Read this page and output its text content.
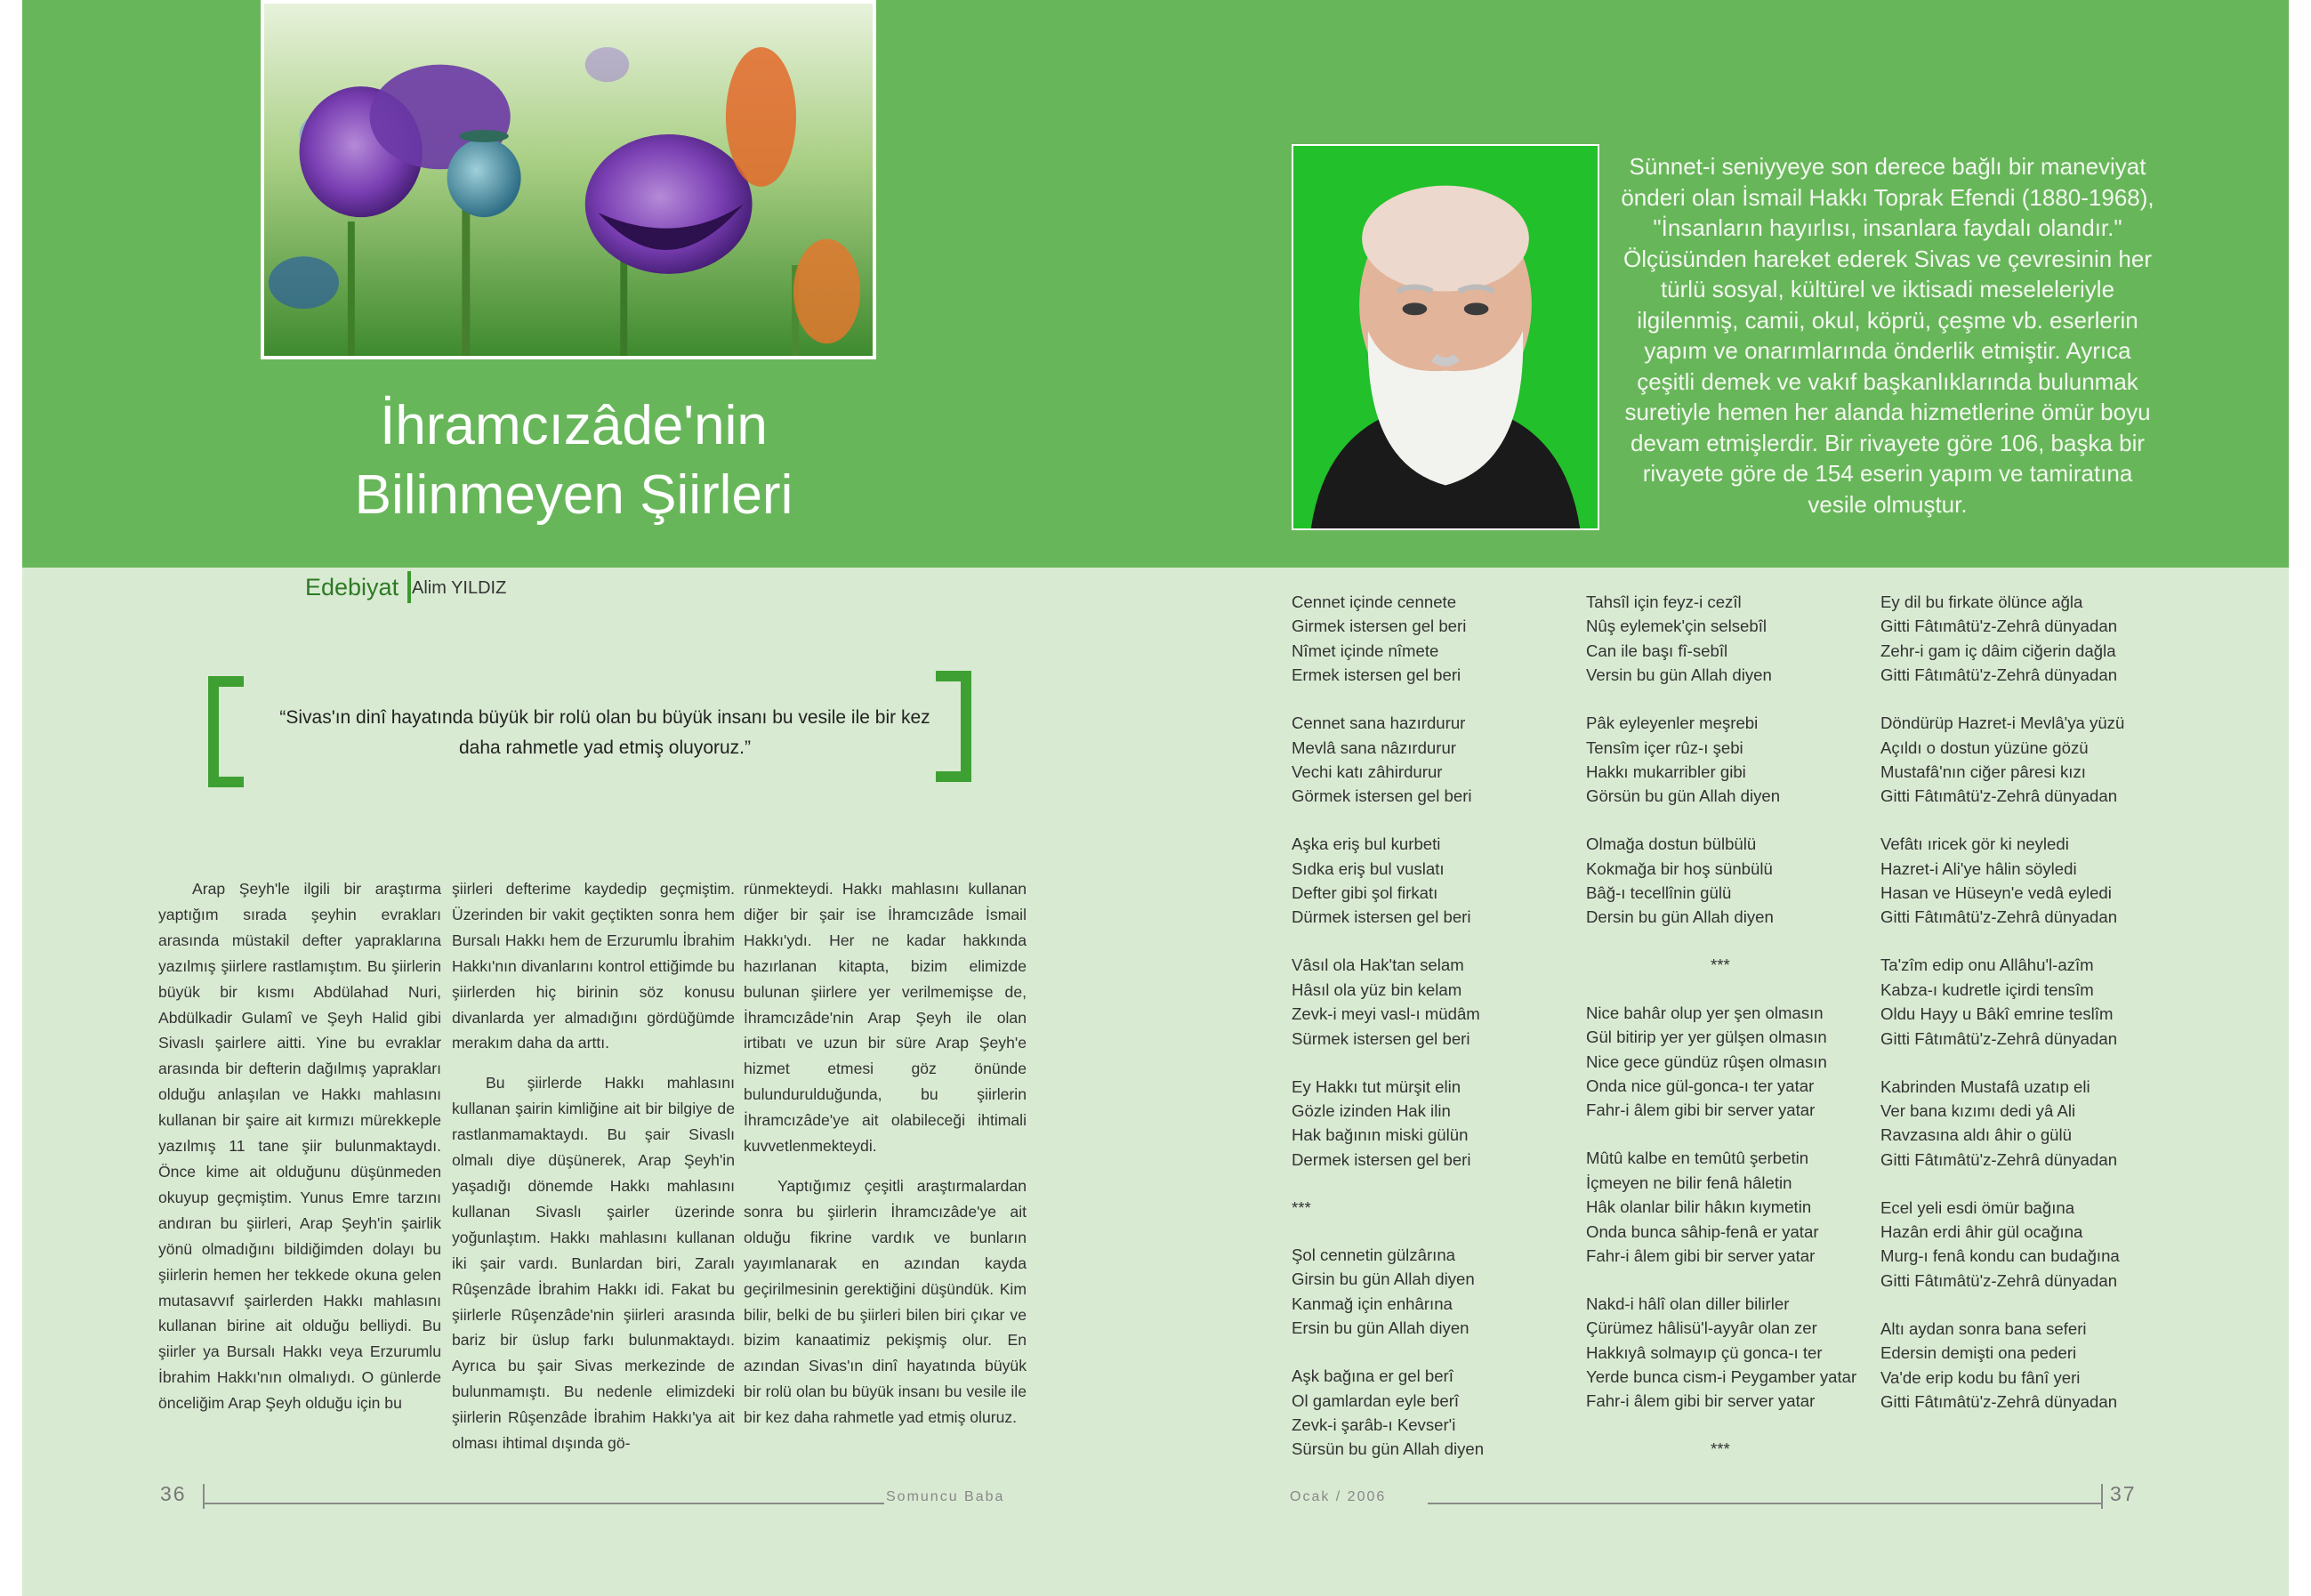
İhramcızâde'nin
Bilinmeyen Şiirleri
Sünnet-i seniyyeye son derece bağlı bir maneviyat önderi olan İsmail Hakkı Toprak Efendi (1880-1968), "İnsanların hayırlısı, insanlara faydalı olandır." Ölçüsünden hareket ederek Sivas ve çevresinin her türlü sosyal, kültürel ve iktisadi meseleleriyle ilgilenmiş, camii, okul, köprü, çeşme vb. eserlerin yapım ve onarımlarında önderlik etmiştir. Ayrıca çeşitli demek ve vakıf başkanlıklarında bulunmak suretiyle hemen her alanda hizmetlerine ömür boyu devam etmişlerdir. Bir rivayete göre 106, başka bir rivayete göre de 154 eserin yapım ve tamiratına vesile olmuştur.
Edebiyat Alim YILDIZ
“Sivas'ın dinî hayatında büyük bir rolü olan bu büyük insanı bu vesile ile bir kez daha rahmetle yad etmiş oluyoruz.”

Arap Şeyh'le ilgili bir araştırma yaptığım sırada şeyhin evrakları arasında müstakil defter yapraklarına yazılmış şiirlere rastlamıştım. Bu şiirlerin büyük bir kısmı Abdülahad Nuri, Abdülkadir Gulamî ve Şeyh Halid gibi Sivaslı şairlere aitti. Yine bu evraklar arasında bir defterin dağılmış yaprakları olduğu anlaşılan ve Hakkı mahlasını kullanan bir şaire ait kırmızı mürekkeple yazılmış 11 tane şiir bulunmaktaydı. Önce kime ait olduğunu düşünmeden okuyup geçmiştim. Yunus Emre tarzını andıran bu şiirleri, Arap Şeyh'in şairlik yönü olmadığını bildiğimden dolayı bu şiirlerin hemen her tekkede okuna gelen mutasavvıf şairlerden Hakkı mahlasını kullanan birine ait olduğu belliydi. Bu şiirler ya Bursalı Hakkı veya Erzurumlu İbrahim Hakkı'nın olmalıydı. O günlerde önceliğim Arap Şeyh olduğu için bu

şiirleri defterime kaydedip geçmiştim. Üzerinden bir vakit geçtikten sonra hem Bursalı Hakkı hem de Erzurumlu İbrahim Hakkı'nın divanlarını kontrol ettiğimde bu şiirlerden hiç birinin söz konusu divanlarda yer almadığını gördüğümde merakım daha da arttı.

Bu şiirlerde Hakkı mahlasını kullanan şairin kimliğine ait bir bilgiye de rastlanmamaktaydı. Bu şair Sivaslı olmalı diye düşünerek, Arap Şeyh'in yaşadığı dönemde Hakkı mahlasını kullanan Sivaslı şairler üzerinde yoğunlaştım. Hakkı mahlasını kullanan iki şair vardı. Bunlardan biri, Zaralı Rûşenzâde İbrahim Hakkı idi. Fakat bu şiirlerle Rûşenzâde'nin şiirleri arasında bariz bir üslup farkı bulunmaktaydı. Ayrıca bu şair Sivas merkezinde de bulunmamıştı. Bu nedenle elimizdeki şiirlerin Rûşenzâde İbrahim Hakkı'ya ait olması ihtimal dışında gö-

rünmekteydi. Hakkı mahlasını kullanan diğer bir şair ise İhramcızâde İsmail Hakkı'ydı. Her ne kadar hakkında hazırlanan kitapta, bizim elimizde bulunan şiirlere yer verilmemişse de, İhramcızâde'nin Arap Şeyh ile olan irtibatı ve uzun bir süre Arap Şeyh'e hizmet etmesi göz önünde bulundurulduğunda, bu şiirlerin İhramcızâde'ye ait olabileceği ihtimali kuvvetlenmekteydi.

Yaptığımız çeşitli araştırmalardan sonra bu şiirlerin İhramcızâde'ye ait olduğu fikrine vardık ve bunların yayımlanarak en azından kayda geçirilmesinin gerektiğini düşündük. Kim bilir, belki de bu şiirleri bilen biri çıkar ve bizim kanaatimiz pekişmiş olur. En azından Sivas'ın dinî hayatında büyük bir rolü olan bu büyük insanı bu vesile ile bir kez daha rahmetle yad etmiş oluruz.

Cennet içinde cennete
Girmek istersen gel beri
Nîmet içinde nîmete
Ermek istersen gel beri
Cennet sana hazırdurur
Mevlâ sana nâzırdurur
Vechi katı zâhirdurur
Görmek istersen gel beri
Aşka eriş bul kurbeti
Sıdka eriş bul vuslatı
Defter gibi şol firkatı
Dürmek istersen gel beri
Vâsıl ola Hak'tan selam
Hâsıl ola yüz bin kelam
Zevk-i meyi vasl-ı müdâm
Sürmek istersen gel beri
Ey Hakkı tut mürşit elin
Gözle izinden Hak ilin
Hak bağının miski gülün
Dermek istersen gel beri
***
Şol cennetin gülzârına
Girsin bu gün Allah diyen
Kanmağ için enhârına
Ersin bu gün Allah diyen
Aşk bağına er gel berî
Ol gamlardan eyle berî
Zevk-i şarâb-ı Kevser'i
Sürsün bu gün Allah diyen
Tahsîl için feyz-i cezîl
Nûş eylemek'çin selsebîl
Can ile başı fî-sebîl
Versin bu gün Allah diyen
Pâk eyleyenler meşrebi
Tensîm içer rûz-ı şebi
Hakkı mukarribler gibi
Görsün bu gün Allah diyen
Olmağa dostun bülbülü
Kokmağa bir hoş sünbülü
Bâğ-ı tecellînin gülü
Dersin bu gün Allah diyen
***
Nice bahâr olup yer şen olmasın
Gül bitirip yer yer gülşen olmasın
Nice gece gündüz rûşen olmasın
Onda nice gül-gonca-ı ter yatar
Fahr-i âlem gibi bir server yatar
Mûtû kalbe en temûtû şerbetin
İçmeyen ne bilir fenâ hâletin
Hâk olanlar bilir hâkın kıymetin
Onda bunca sâhip-fenâ er yatar
Fahr-i âlem gibi bir server yatar
Nakd-i hâlî olan diller bilirler
Çürümez hâlisü'l-ayyâr olan zer
Hakkıyâ solmayıp çü gonca-ı ter
Yerde bunca cism-i Peygamber yatar
Fahr-i âlem gibi bir server yatar
***
Ey dil bu firkate ölünce ağla
Gitti Fâtımâtü'z-Zehrâ dünyadan
Zehr-i gam iç dâim ciğerin dağla
Gitti Fâtımâtü'z-Zehrâ dünyadan
Döndürüp Hazret-i Mevlâ'ya yüzü
Açıldı o dostun yüzüne gözü
Mustafâ'nın ciğer pâresi kızı
Gitti Fâtımâtü'z-Zehrâ dünyadan
Vefâtı ıricek gör ki neyledi
Hazret-i Ali'ye hâlin söyledi
Hasan ve Hüseyn'e vedâ eyledi
Gitti Fâtımâtü'z-Zehrâ dünyadan
Ta'zîm edip onu Allâhu'l-azîm
Kabza-ı kudretle içirdi tensîm
Oldu Hayy u Bâkî emrine teslîm
Gitti Fâtımâtü'z-Zehrâ dünyadan
Kabrinden Mustafâ uzatıp eli
Ver bana kızımı dedi yâ Ali
Ravzasına aldı âhir o gülü
Gitti Fâtımâtü'z-Zehrâ dünyadan
Ecel yeli esdi ömür bağına
Hazân erdi âhir gül ocağına
Murg-ı fenâ kondu can budağına
Gitti Fâtımâtü'z-Zehrâ dünyadan
Altı aydan sonra bana seferi
Edersin demişti ona pederi
Va'de erip kodu bu fânî yeri
Gitti Fâtımâtü'z-Zehrâ dünyadan
36	Somuncu Baba	Ocak / 2006	37
